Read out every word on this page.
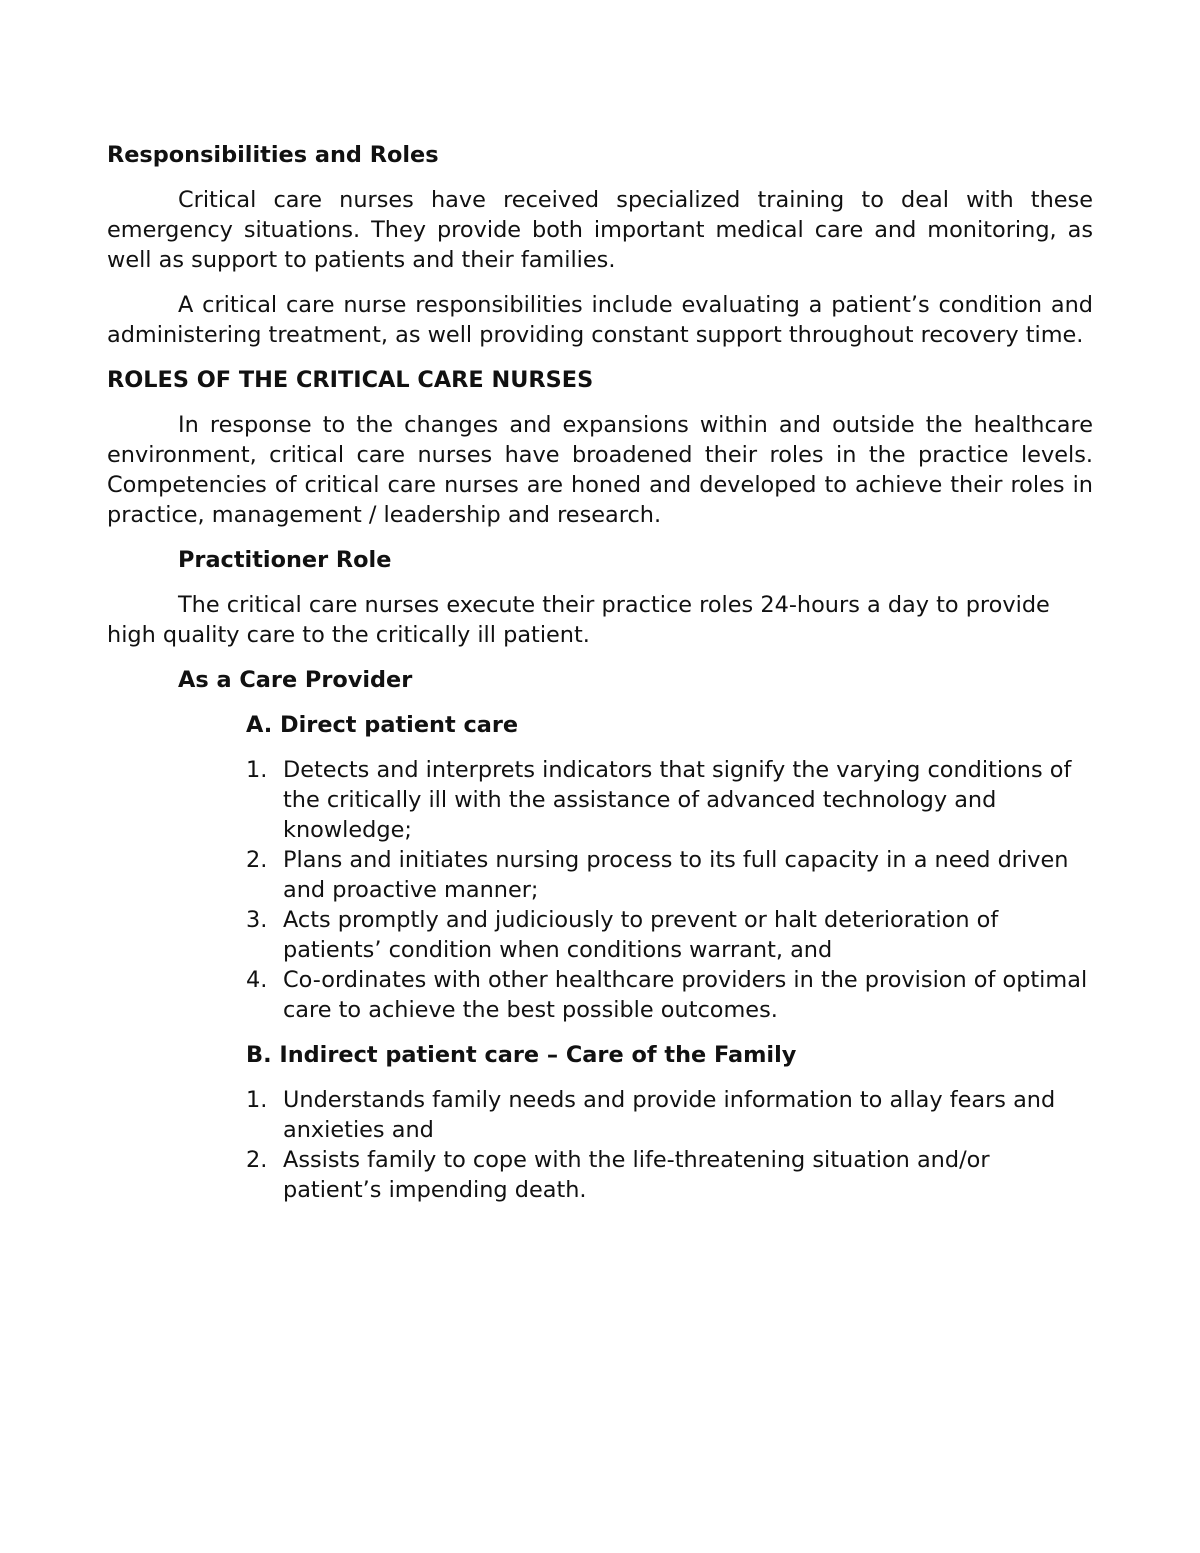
Responsibilities and Roles

Critical care nurses have received specialized training to deal with these emergency situations. They provide both important medical care and monitoring, as well as support to patients and their families.

A critical care nurse responsibilities include evaluating a patient’s condition and administering treatment, as well providing constant support throughout recovery time.

ROLES OF THE CRITICAL CARE NURSES

In response to the changes and expansions within and outside the healthcare environment, critical care nurses have broadened their roles in the practice levels. Competencies of critical care nurses are honed and developed to achieve their roles in practice, management / leadership and research.

Practitioner Role

The critical care nurses execute their practice roles 24-hours a day to provide high quality care to the critically ill patient.

As a Care Provider

A. Direct patient care

1. Detects and interprets indicators that signify the varying conditions of the critically ill with the assistance of advanced technology and knowledge;
2. Plans and initiates nursing process to its full capacity in a need driven and proactive manner;
3. Acts promptly and judiciously to prevent or halt deterioration of patients’ condition when conditions warrant, and
4. Co-ordinates with other healthcare providers in the provision of optimal care to achieve the best possible outcomes.

B. Indirect patient care – Care of the Family

1. Understands family needs and provide information to allay fears and anxieties and
2. Assists family to cope with the life-threatening situation and/or patient’s impending death.
